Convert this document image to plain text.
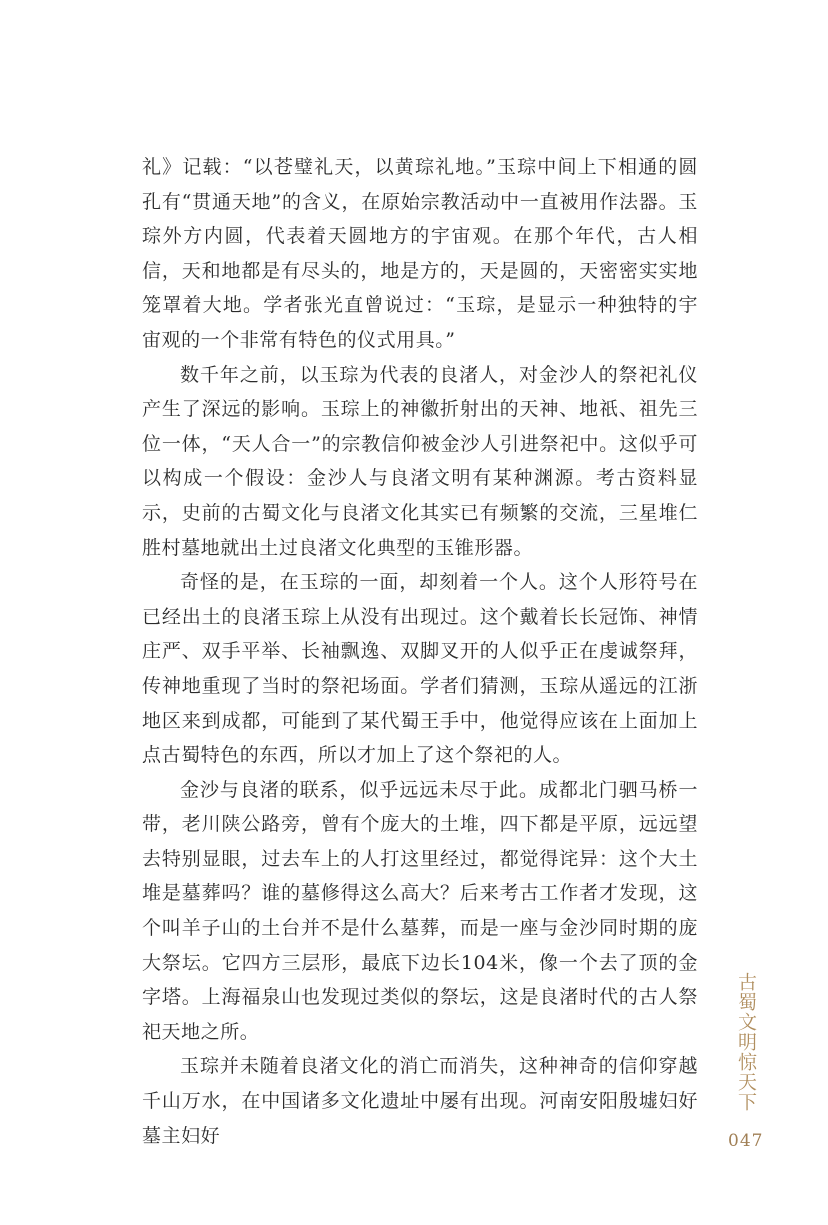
礼》记载：“以苍璧礼天，以黄琮礼地。”玉琮中间上下相通的圆孔有“贯通天地”的含义，在原始宗教活动中一直被用作法器。玉琮外方内圆，代表着天圆地方的宇宙观。在那个年代，古人相信，天和地都是有尽头的，地是方的，天是圆的，天密密实实地笼罩着大地。学者张光直曾说过：“玉琮，是显示一种独特的宇宙观的一个非常有特色的仪式用具。”

数千年之前，以玉琮为代表的良渚人，对金沙人的祭祀礼仪产生了深远的影响。玉琮上的神徽折射出的天神、地祇、祖先三位一体，“天人合一”的宗教信仰被金沙人引进祭祀中。这似乎可以构成一个假设：金沙人与良渚文明有某种渊源。考古资料显示，史前的古蜀文化与良渚文化其实已有频繁的交流，三星堆仁胜村墓地就出土过良渚文化典型的玉锥形器。

奇怪的是，在玉琮的一面，却刻着一个人。这个人形符号在已经出土的良渚玉琮上从没有出现过。这个戴着长长冠饰、神情庄严、双手平举、长袖飘逸、双脚叉开的人似乎正在虔诚祭拜，传神地重现了当时的祭祀场面。学者们猜测，玉琮从遥远的江浙地区来到成都，可能到了某代蜀王手中，他觉得应该在上面加上点古蜀特色的东西，所以才加上了这个祭祀的人。

金沙与良渚的联系，似乎远远未尽于此。成都北门驷马桥一带，老川陕公路旁，曾有个庞大的土堆，四下都是平原，远远望去特别显眼，过去车上的人打这里经过，都觉得诧异：这个大土堆是墓葬吗？谁的墓修得这么高大？后来考古工作者才发现，这个叫羊子山的土台并不是什么墓葬，而是一座与金沙同时期的庞大祭坛。它四方三层形，最底下边长104米，像一个去了顶的金字塔。上海福泉山也发现过类似的祭坛，这是良渚时代的古人祭祀天地之所。

玉琮并未随着良渚文化的消亡而消失，这种神奇的信仰穿越千山万水，在中国诸多文化遗址中屡有出现。河南安阳殷墟妇好墓主妇好

古蜀文明惊天下
047
